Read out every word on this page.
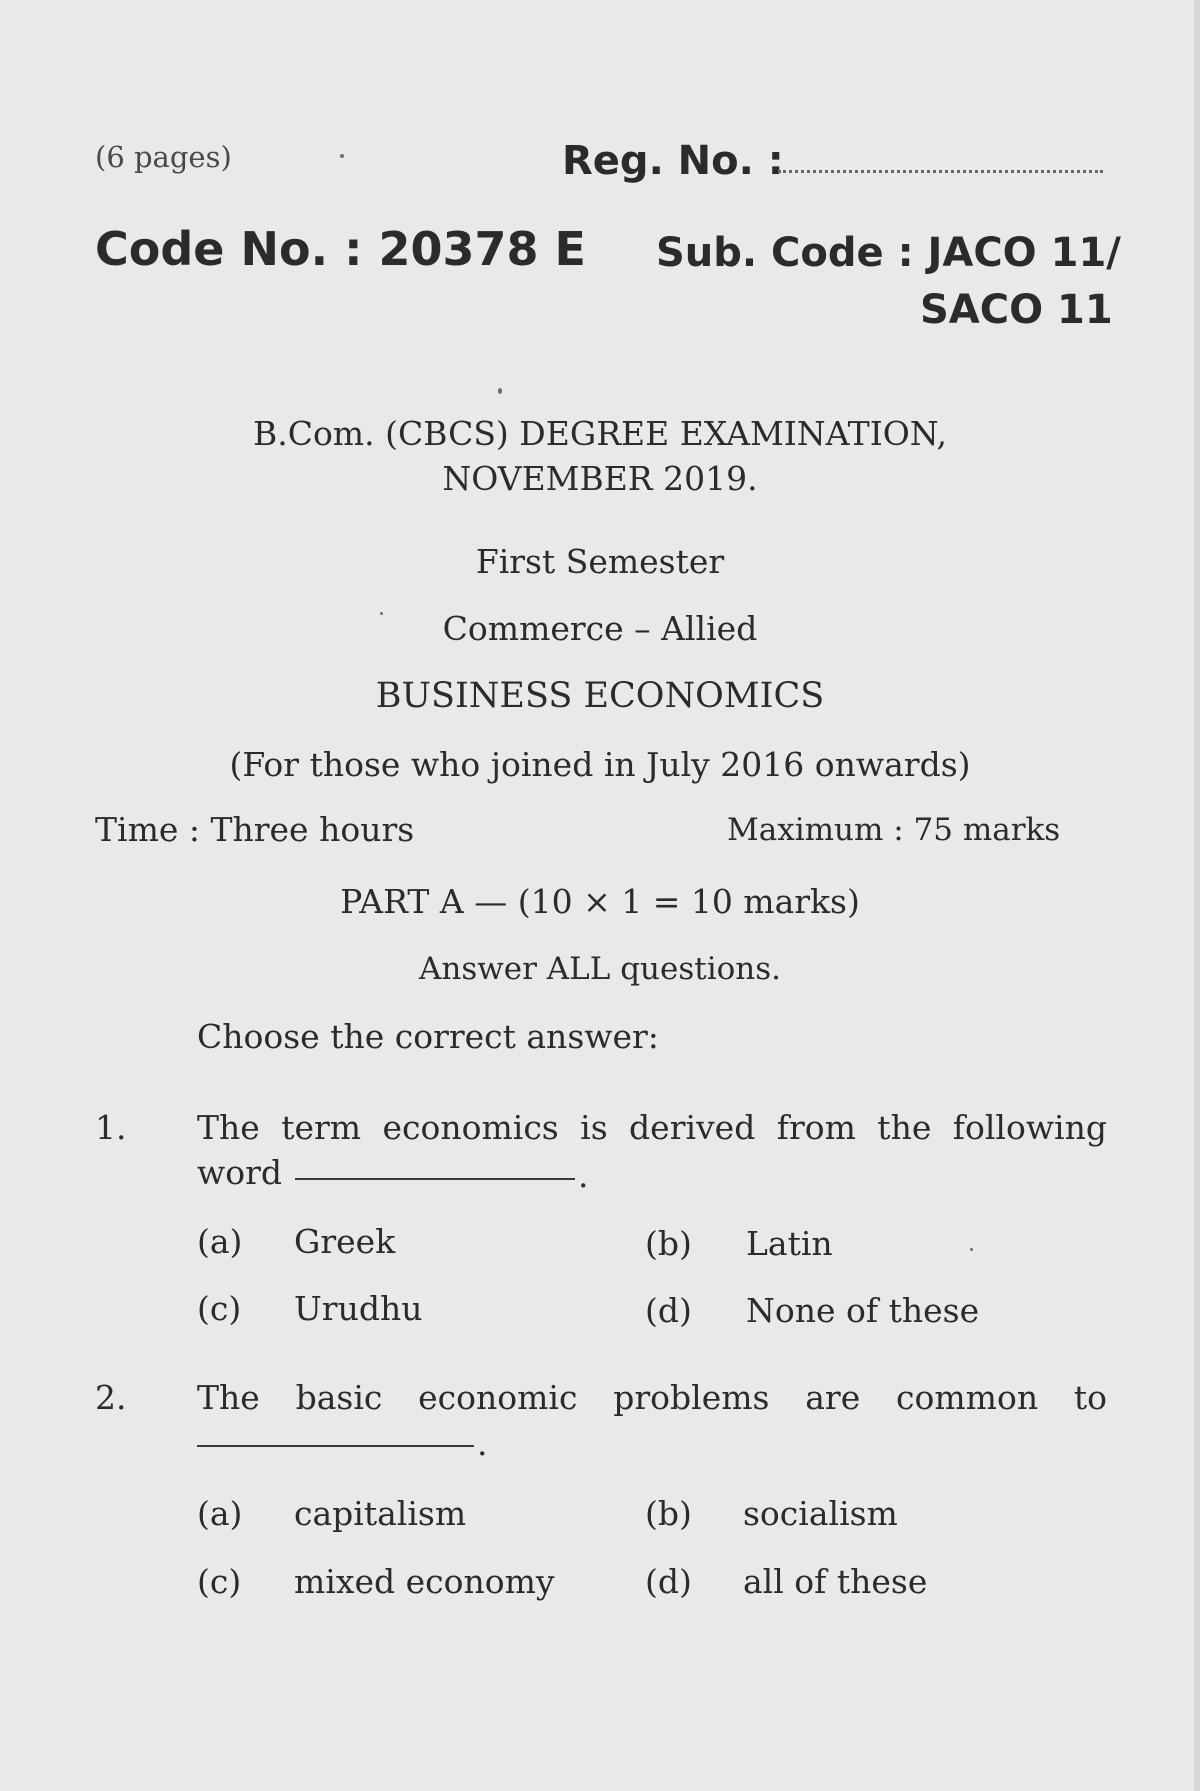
(6 pages)	Reg. No. :
Code No. : 20378 E Sub. Code : JACO 11/
SACO 11
B.Com. (CBCS) DEGREE EXAMINATION,
NOVEMBER 2019.
First Semester
Commerce – Allied
BUSINESS ECONOMICS
(For those who joined in July 2016 onwards)
Time : Three hours	Maximum : 75 marks
PART A — (10 × 1 = 10 marks)
Answer ALL questions.
Choose the correct answer:
1. The term economics is derived from the following
word	.
(a) Greek	(b) Latin
(c) Urudhu	(d) None of these
2. The basic economic problems are common to
.
(a) capitalism	(b) socialism
(c) mixed economy	(d) all of these
